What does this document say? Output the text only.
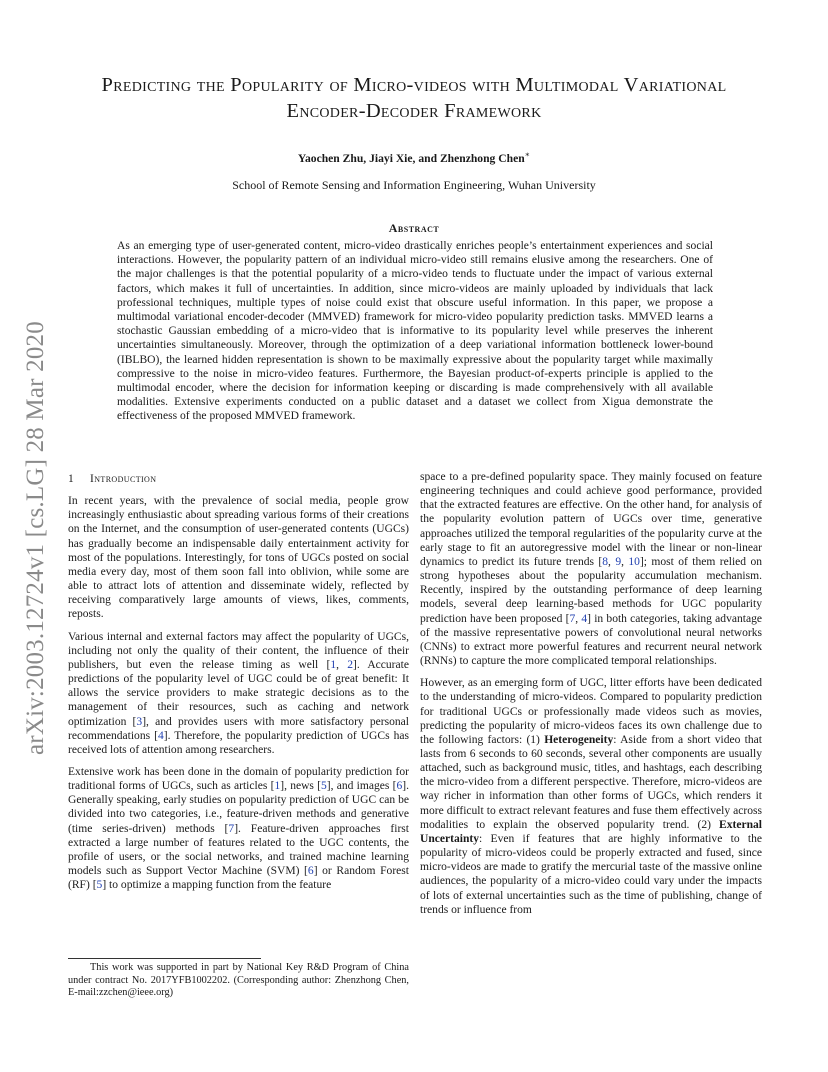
arXiv:2003.12724v1 [cs.LG] 28 Mar 2020
Predicting the Popularity of Micro-videos with Multimodal Variational
Encoder-Decoder Framework
Yaochen Zhu, Jiayi Xie, and Zhenzhong Chen∗
School of Remote Sensing and Information Engineering, Wuhan University
Abstract
As an emerging type of user-generated content, micro-video drastically enriches people’s entertainment experiences and social interactions. However, the popularity pattern of an individual micro-video still remains elusive among the researchers. One of the major challenges is that the potential popularity of a micro-video tends to fluctuate under the impact of various external factors, which makes it full of uncertainties. In addition, since micro-videos are mainly uploaded by individuals that lack professional techniques, multiple types of noise could exist that obscure useful information. In this paper, we propose a multimodal variational encoder-decoder (MMVED) framework for micro-video popularity prediction tasks. MMVED learns a stochastic Gaussian embedding of a micro-video that is informative to its popularity level while preserves the inherent uncertainties simultaneously. Moreover, through the optimization of a deep variational information bottleneck lower-bound (IBLBO), the learned hidden representation is shown to be maximally expressive about the popularity target while maximally compressive to the noise in micro-video features. Furthermore, the Bayesian product-of-experts principle is applied to the multimodal encoder, where the decision for information keeping or discarding is made comprehensively with all available modalities. Extensive experiments conducted on a public dataset and a dataset we collect from Xigua demonstrate the effectiveness of the proposed MMVED framework.
1 Introduction

In recent years, with the prevalence of social media, people grow increasingly enthusiastic about spreading various forms of their creations on the Internet, and the consumption of user-generated contents (UGCs) has gradually become an indispensable daily entertainment activity for most of the populations. Interestingly, for tons of UGCs posted on social media every day, most of them soon fall into oblivion, while some are able to attract lots of attention and disseminate widely, reflected by receiving comparatively large amounts of views, likes, comments, reposts.

Various internal and external factors may affect the popularity of UGCs, including not only the quality of their content, the influence of their publishers, but even the release timing as well [1, 2]. Accurate predictions of the popularity level of UGC could be of great benefit: It allows the service providers to make strategic decisions as to the management of their resources, such as caching and network optimization [3], and provides users with more satisfactory personal recommendations [4]. Therefore, the popularity prediction of UGCs has received lots of attention among researchers.

Extensive work has been done in the domain of popularity prediction for traditional forms of UGCs, such as articles [1], news [5], and images [6]. Generally speaking, early studies on popularity prediction of UGC can be divided into two categories, i.e., feature-driven methods and generative (time series-driven) methods [7]. Feature-driven approaches first extracted a large number of features related to the UGC contents, the profile of users, or the social networks, and trained machine learning models such as Support Vector Machine (SVM) [6] or Random Forest (RF) [5] to optimize a mapping function from the feature

space to a pre-defined popularity space. They mainly focused on feature engineering techniques and could achieve good performance, provided that the extracted features are effective. On the other hand, for analysis of the popularity evolution pattern of UGCs over time, generative approaches utilized the temporal regularities of the popularity curve at the early stage to fit an autoregressive model with the linear or non-linear dynamics to predict its future trends [8, 9, 10]; most of them relied on strong hypotheses about the popularity accumulation mechanism. Recently, inspired by the outstanding performance of deep learning models, several deep learning-based methods for UGC popularity prediction have been proposed [7, 4] in both categories, taking advantage of the massive representative powers of convolutional neural networks (CNNs) to extract more powerful features and recurrent neural network (RNNs) to capture the more complicated temporal relationships.

However, as an emerging form of UGC, litter efforts have been dedicated to the understanding of micro-videos. Compared to popularity prediction for traditional UGCs or professionally made videos such as movies, predicting the popularity of micro-videos faces its own challenge due to the following factors: (1) Heterogeneity: Aside from a short video that lasts from 6 seconds to 60 seconds, several other components are usually attached, such as background music, titles, and hashtags, each describing the micro-video from a different perspective. Therefore, micro-videos are way richer in information than other forms of UGCs, which renders it more difficult to extract relevant features and fuse them effectively across modalities to explain the observed popularity trend. (2) External Uncertainty: Even if features that are highly informative to the popularity of micro-videos could be properly extracted and fused, since micro-videos are made to gratify the mercurial taste of the massive online audiences, the popularity of a micro-video could vary under the impacts of lots of external uncertainties such as the time of publishing, change of trends or influence from

This work was supported in part by National Key R&D Program of China under contract No. 2017YFB1002202. (Corresponding author: Zhenzhong Chen, E-mail:zzchen@ieee.org)
